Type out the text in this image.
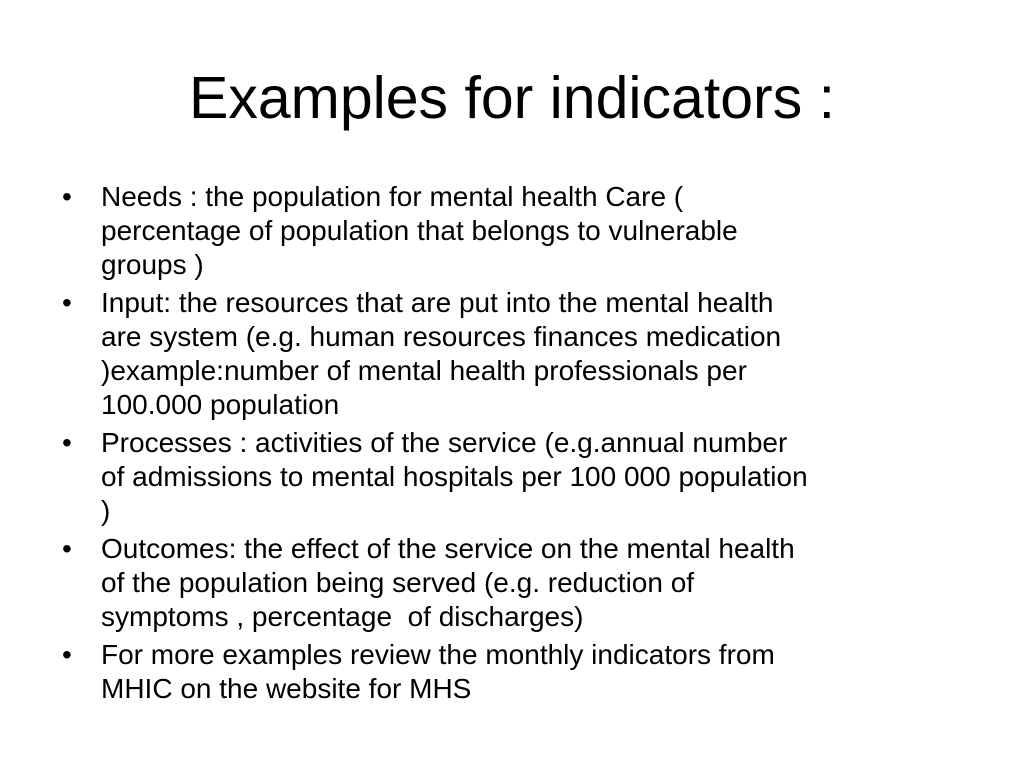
Examples for indicators :
• Needs : the population for mental health Care (
percentage of population that belongs to vulnerable
groups )
• Input: the resources that are put into the mental health
are system (e.g. human resources finances medication
)example:number of mental health professionals per
100.000 population
• Processes : activities of the service (e.g.annual number
of admissions to mental hospitals per 100 000 population
)
• Outcomes: the effect of the service on the mental health
of the population being served (e.g. reduction of
symptoms , percentage  of discharges)
• For more examples review the monthly indicators from
MHIC on the website for MHS
